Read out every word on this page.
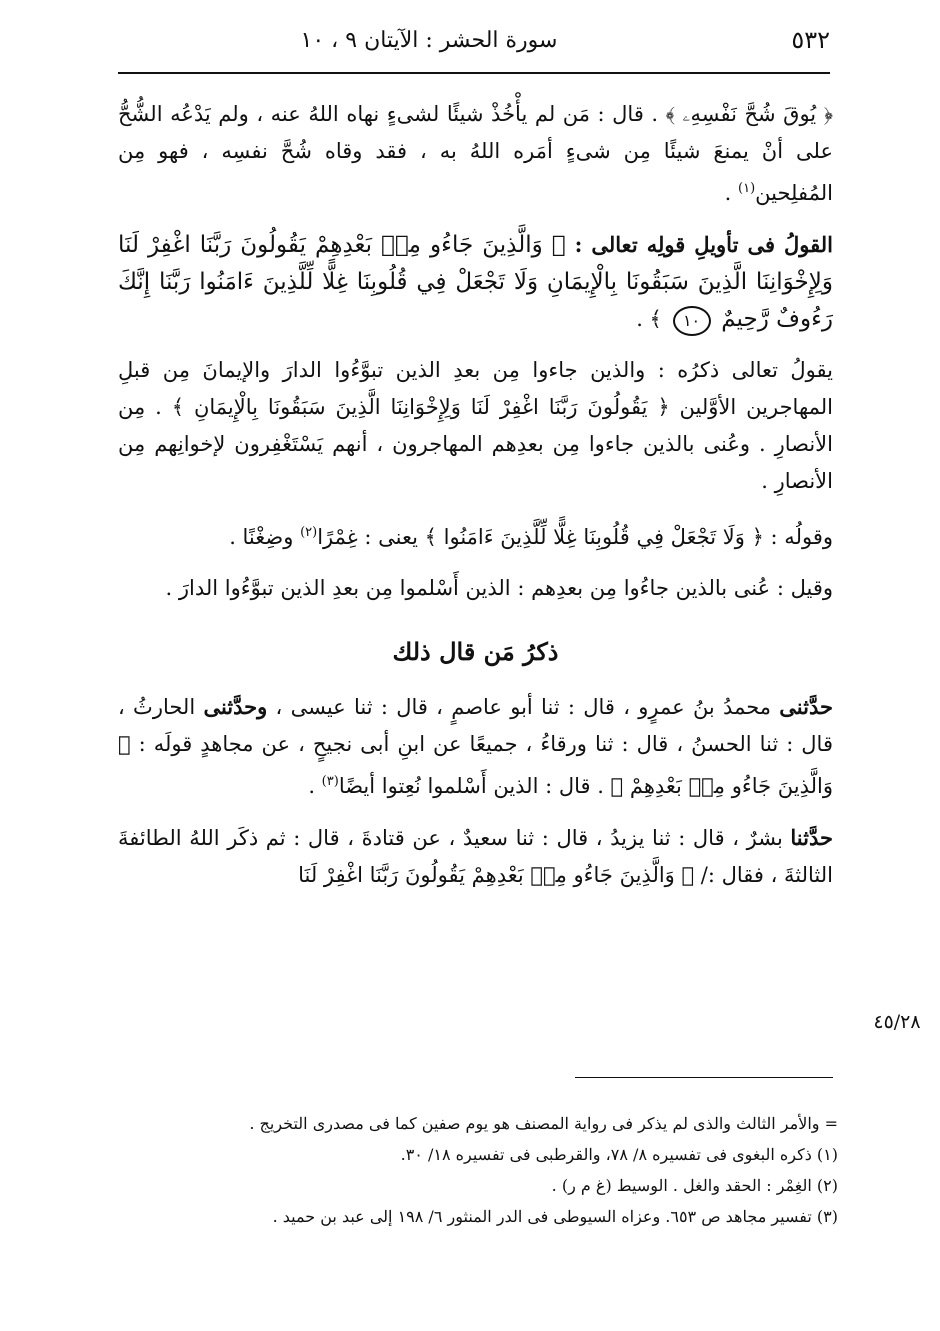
٥٣٢
سورة الحشر : الآيتان ٩ ، ١٠

﴿ يُوقَ شُحَّ نَفْسِهِۦ ﴾ . قال : مَن لم يأْخُذْ شيئًا لشىءٍ نهاه اللهُ عنه ، ولم يَدْعُه الشُّحُّ على أنْ يمنعَ شيئًا مِن شىءٍ أمَره اللهُ به ، فقد وقاه شُحَّ نفسِه ، فهو مِن المُفلِحين$^{(١)}$ .

القولُ فى تأويلِ قولِه تعالى : ﴿ وَالَّذِينَ جَاءُو مِنۢ بَعْدِهِمْ يَقُولُونَ رَبَّنَا اغْفِرْ لَنَا وَلِإِخْوَانِنَا الَّذِينَ سَبَقُونَا بِالْإِيمَانِ وَلَا تَجْعَلْ فِي قُلُوبِنَا غِلًّا لِّلَّذِينَ ءَامَنُوا رَبَّنَا إِنَّكَ رَءُوفٌ رَّحِيمٌ ١٠ ﴾ .

يقولُ تعالى ذكرُه : والذين جاءوا مِن بعدِ الذين تبوَّءُوا الدارَ والإيمانَ مِن قبلِ المهاجرين الأوَّلين ﴿ يَقُولُونَ رَبَّنَا اغْفِرْ لَنَا وَلِإِخْوَانِنَا الَّذِينَ سَبَقُونَا بِالْإِيمَانِ ﴾ . مِن الأنصارِ . وعُنى بالذين جاءوا مِن بعدِهم المهاجرون ، أنهم يَسْتَغْفِرون لإخوانِهم مِن الأنصارِ .

وقولُه : ﴿ وَلَا تَجْعَلْ فِي قُلُوبِنَا غِلًّا لِّلَّذِينَ ءَامَنُوا ﴾ يعنى : غِمْرًا$^{(٢)}$ وضِغْنًا .

وقيل : عُنى بالذين جاءُوا مِن بعدِهم : الذين أَسْلموا مِن بعدِ الذين تبوَّءُوا الدارَ .

ذكرُ مَن قال ذلك

حدَّثنى محمدُ بنُ عمرٍو ، قال : ثنا أبو عاصمٍ ، قال : ثنا عيسى ، وحدَّثنى الحارثُ ، قال : ثنا الحسنُ ، قال : ثنا ورقاءُ ، جميعًا عن ابنِ أبى نجيحٍ ، عن مجاهدٍ قولَه : ﴿ وَالَّذِينَ جَاءُو مِنۢ بَعْدِهِمْ ﴾ . قال : الذين أَسْلموا نُعِتوا أيضًا$^{(٣)}$ .

حدَّثنا بشرٌ ، قال : ثنا يزيدُ ، قال : ثنا سعيدٌ ، عن قتادةَ ، قال : ثم ذكَر اللهُ الطائفةَ الثالثةَ ، فقال :/ ﴿ وَالَّذِينَ جَاءُو مِنۢ بَعْدِهِمْ يَقُولُونَ رَبَّنَا اغْفِرْ لَنَا

٤٥/٢٨
= والأمر الثالث والذى لم يذكر فى رواية المصنف هو يوم صفين كما فى مصدرى التخريج .
(١) ذكره البغوى فى تفسيره ٨/ ٧٨، والقرطبى فى تفسيره ١٨/ ٣٠.
(٢) الغِمْر : الحقد والغل . الوسيط (غ م ر) .
(٣) تفسير مجاهد ص ٦٥٣. وعزاه السيوطى فى الدر المنثور ٦/ ١٩٨ إلى عبد بن حميد .
